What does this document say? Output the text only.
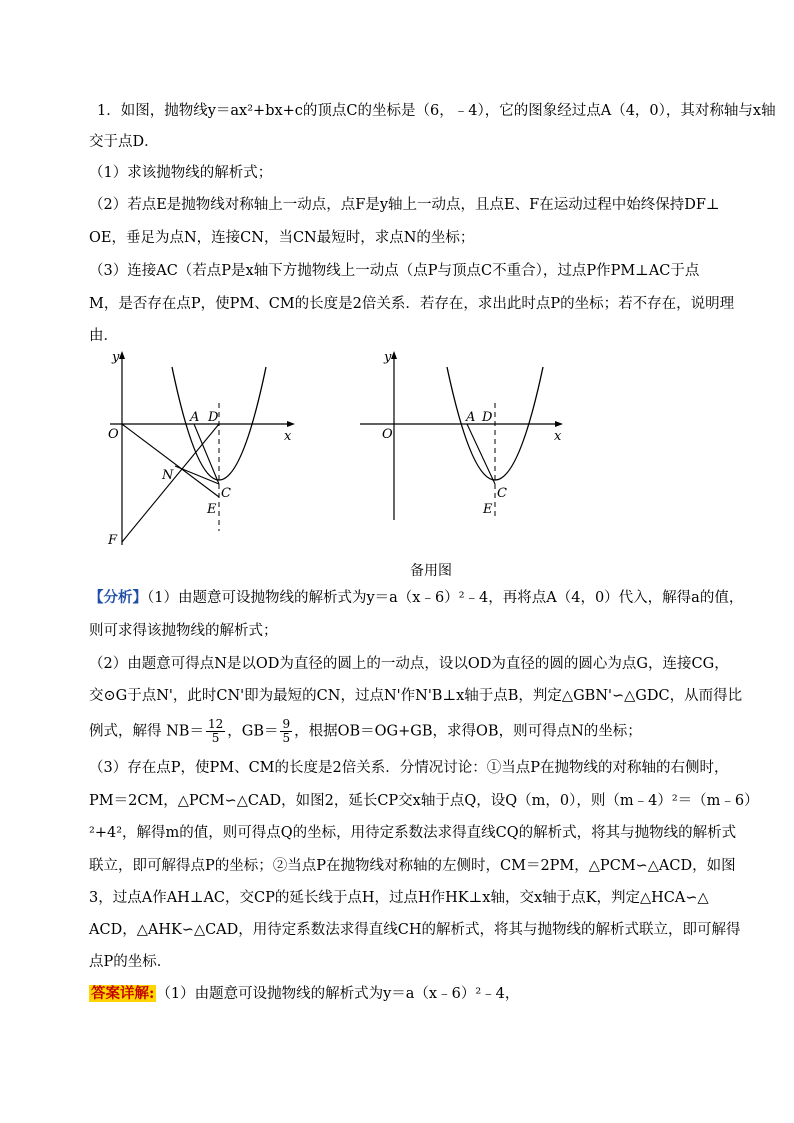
1．如图，抛物线y＝ax²+bx+c的顶点C的坐标是（6，﹣4），它的图象经过点A（4，0），其对称轴与x轴
交于点D．
（1）求该抛物线的解析式；
（2）若点E是抛物线对称轴上一动点，点F是y轴上一动点，且点E、F在运动过程中始终保持DF⊥
OE，垂足为点N，连接CN，当CN最短时，求点N的坐标；
（3）连接AC（若点P是x轴下方抛物线上一动点（点P与顶点C不重合），过点P作PM⊥AC于点
M，是否存在点P，使PM、CM的长度是2倍关系．若存在，求出此时点P的坐标；若不存在，说明理
由．
y
x
O
A D
N
C
E
F
y
x
O
A D
C
E
备用图
【分析】（1）由题意可设抛物线的解析式为y＝a（x﹣6）²﹣4，再将点A（4，0）代入，解得a的值，
则可求得该抛物线的解析式；
（2）由题意可得点N是以OD为直径的圆上的一动点，设以OD为直径的圆的圆心为点G，连接CG，
交⊙G于点N'，此时CN'即为最短的CN，过点N'作N'B⊥x轴于点B，判定△GBN'∽△GDC，从而得比
例式，解得 $NB= \frac{12}{5}$ ，$GB= \frac{9}{5}$ ，根据OB＝OG+GB，求得OB，则可得点N的坐标；
（3）存在点P，使PM、CM的长度是2倍关系．分情况讨论：①当点P在抛物线的对称轴的右侧时，
PM＝2CM，△PCM∽△CAD，如图2，延长CP交x轴于点Q，设Q（m，0），则（m﹣4）²＝（m﹣6）
²+4²，解得m的值，则可得点Q的坐标，用待定系数法求得直线CQ的解析式，将其与抛物线的解析式
联立，即可解得点P的坐标；②当点P在抛物线对称轴的左侧时，CM＝2PM，△PCM∽△ACD，如图
3，过点A作AH⊥AC，交CP的延长线于点H，过点H作HK⊥x轴，交x轴于点K，判定△HCA∽△
ACD，△AHK∽△CAD，用待定系数法求得直线CH的解析式，将其与抛物线的解析式联立，即可解得
点P的坐标．
答案详解: （1）由题意可设抛物线的解析式为y＝a（x﹣6）²﹣4，
